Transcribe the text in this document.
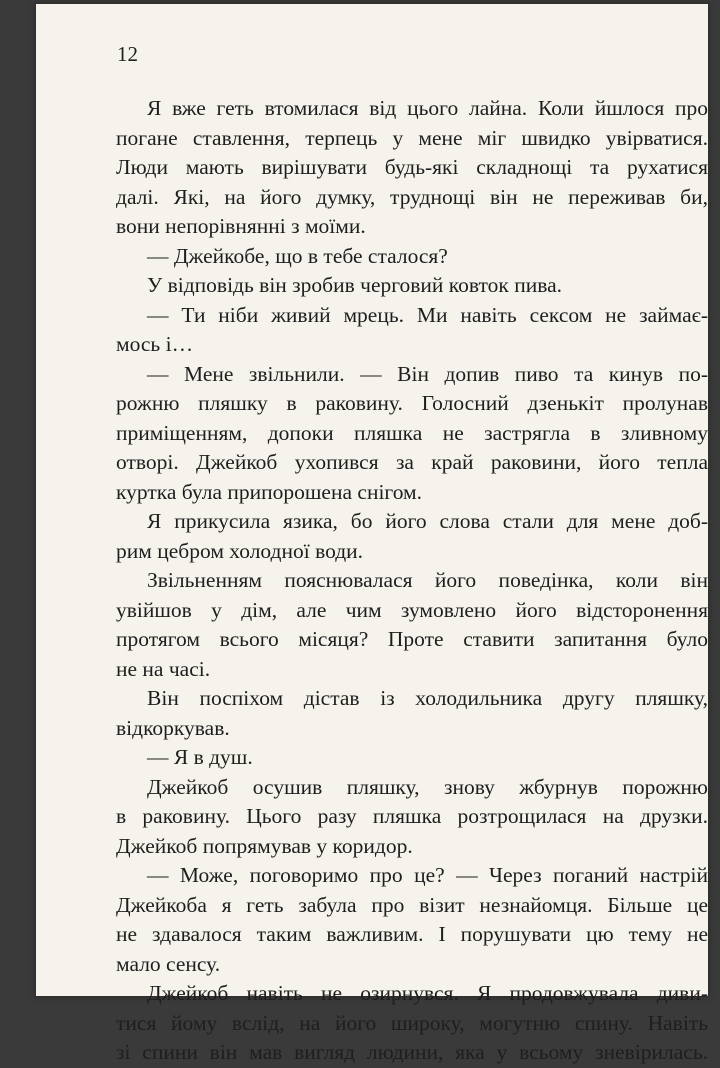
12
Я вже геть втомилася від цього лайна. Коли йшлося про
погане ставлення, терпець у мене міг швидко увірватися.
Люди мають вирішувати будь-які складнощі та рухатися
далі. Які, на його думку, труднощі він не переживав би,
вони непорівнянні з моїми.
— Джейкобе, що в тебе сталося?
У відповідь він зробив черговий ковток пива.
— Ти ніби живий мрець. Ми навіть сексом не займає-
мось і…
— Мене звільнили. — Він допив пиво та кинув по-
рожню пляшку в раковину. Голосний дзенькіт пролунав
приміщенням, допоки пляшка не застрягла в зливному
отворі. Джейкоб ухопився за край раковини, його тепла
куртка була припорошена снігом.
Я прикусила язика, бо його слова стали для мене доб-
рим цебром холодної води.
Звільненням пояснювалася його поведінка, коли він
увійшов у дім, але чим зумовлено його відсторонення
протягом всього місяця? Проте ставити запитання було
не на часі.
Він поспіхом дістав із холодильника другу пляшку,
відкоркував.
— Я в душ.
Джейкоб осушив пляшку, знову жбурнув порожню
в раковину. Цього разу пляшка розтрощилася на друзки.
Джейкоб попрямував у коридор.
— Може, поговоримо про це? — Через поганий настрій
Джейкоба я геть забула про візит незнайомця. Більше це
не здавалося таким важливим. І порушувати цю тему не
мало сенсу.
Джейкоб навіть не озирнувся. Я продовжувала диви-
тися йому вслід, на його широку, могутню спину. Навіть
зі спини він мав вигляд людини, яка у всьому зневірилась.
